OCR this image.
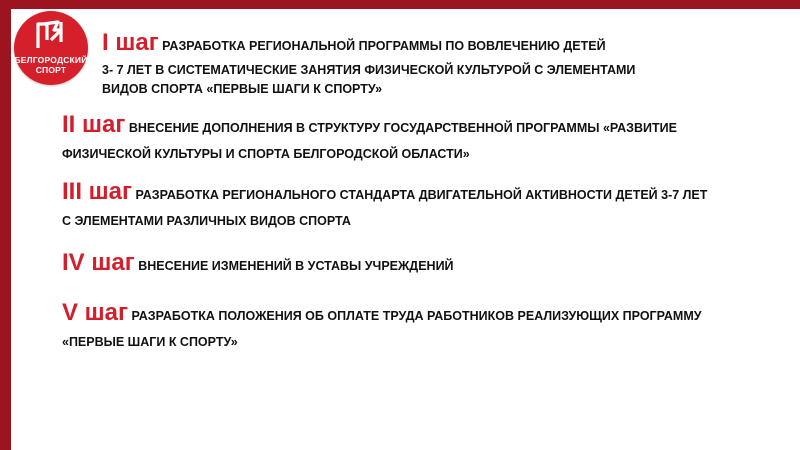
БЕЛГОРОДСКИЙ
СПОРТ
I шаг РАЗРАБОТКА РЕГИОНАЛЬНОЙ ПРОГРАММЫ ПО ВОВЛЕЧЕНИЮ ДЕТЕЙ
3- 7 ЛЕТ В СИСТЕМАТИЧЕСКИЕ ЗАНЯТИЯ ФИЗИЧЕСКОЙ КУЛЬТУРОЙ С ЭЛЕМЕНТАМИ
ВИДОВ СПОРТА «ПЕРВЫЕ ШАГИ К СПОРТУ»
II шаг ВНЕСЕНИЕ ДОПОЛНЕНИЯ В СТРУКТУРУ ГОСУДАРСТВЕННОЙ ПРОГРАММЫ «РАЗВИТИЕ
ФИЗИЧЕСКОЙ КУЛЬТУРЫ И СПОРТА БЕЛГОРОДСКОЙ ОБЛАСТИ»
III шаг РАЗРАБОТКА РЕГИОНАЛЬНОГО СТАНДАРТА ДВИГАТЕЛЬНОЙ АКТИВНОСТИ ДЕТЕЙ 3-7 ЛЕТ
С ЭЛЕМЕНТАМИ РАЗЛИЧНЫХ ВИДОВ СПОРТА
IV шаг ВНЕСЕНИЕ ИЗМЕНЕНИЙ В УСТАВЫ УЧРЕЖДЕНИЙ
V шаг РАЗРАБОТКА ПОЛОЖЕНИЯ ОБ ОПЛАТЕ ТРУДА РАБОТНИКОВ РЕАЛИЗУЮЩИХ ПРОГРАММУ
«ПЕРВЫЕ ШАГИ К СПОРТУ»
